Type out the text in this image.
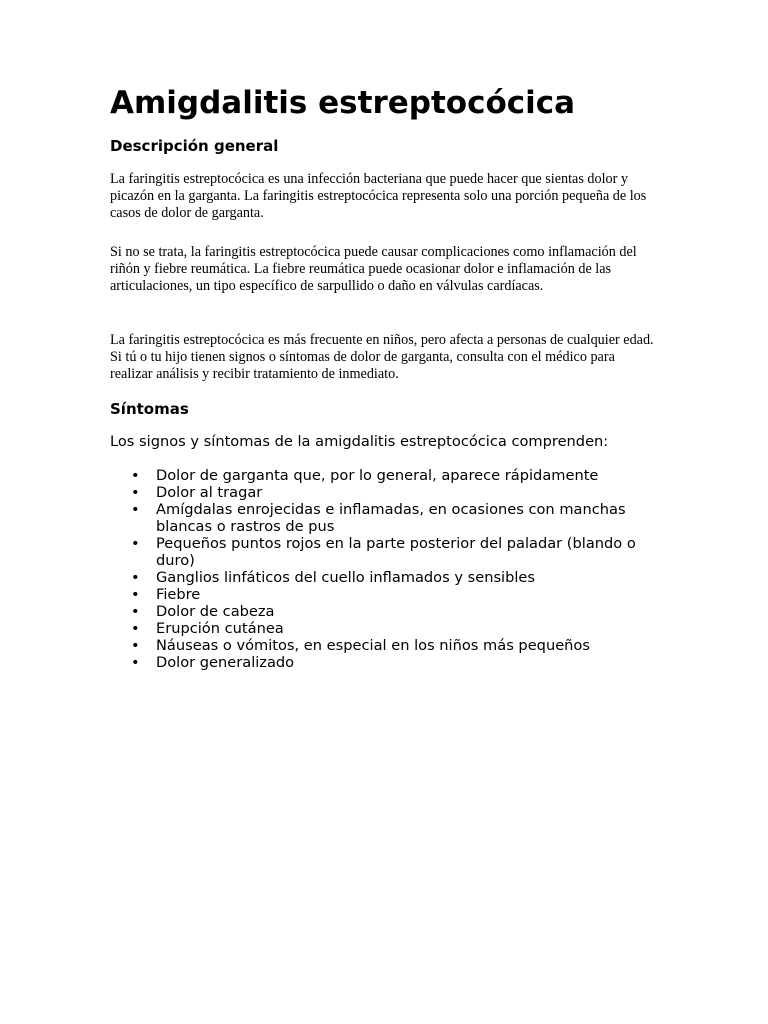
Amigdalitis estreptocócica
Descripción general

La faringitis estreptocócica es una infección bacteriana que puede hacer que sientas dolor y picazón en la garganta. La faringitis estreptocócica representa solo una porción pequeña de los casos de dolor de garganta.

Si no se trata, la faringitis estreptocócica puede causar complicaciones como inflamación del riñón y fiebre reumática. La fiebre reumática puede ocasionar dolor e inflamación de las articulaciones, un tipo específico de sarpullido o daño en válvulas cardíacas.

La faringitis estreptocócica es más frecuente en niños, pero afecta a personas de cualquier edad. Si tú o tu hijo tienen signos o síntomas de dolor de garganta, consulta con el médico para realizar análisis y recibir tratamiento de inmediato.

Síntomas

Los signos y síntomas de la amigdalitis estreptocócica comprenden:

• Dolor de garganta que, por lo general, aparece rápidamente
• Dolor al tragar
• Amígdalas enrojecidas e inflamadas, en ocasiones con manchas blancas o rastros de pus
• Pequeños puntos rojos en la parte posterior del paladar (blando o duro)
• Ganglios linfáticos del cuello inflamados y sensibles
• Fiebre
• Dolor de cabeza
• Erupción cutánea
• Náuseas o vómitos, en especial en los niños más pequeños
• Dolor generalizado
